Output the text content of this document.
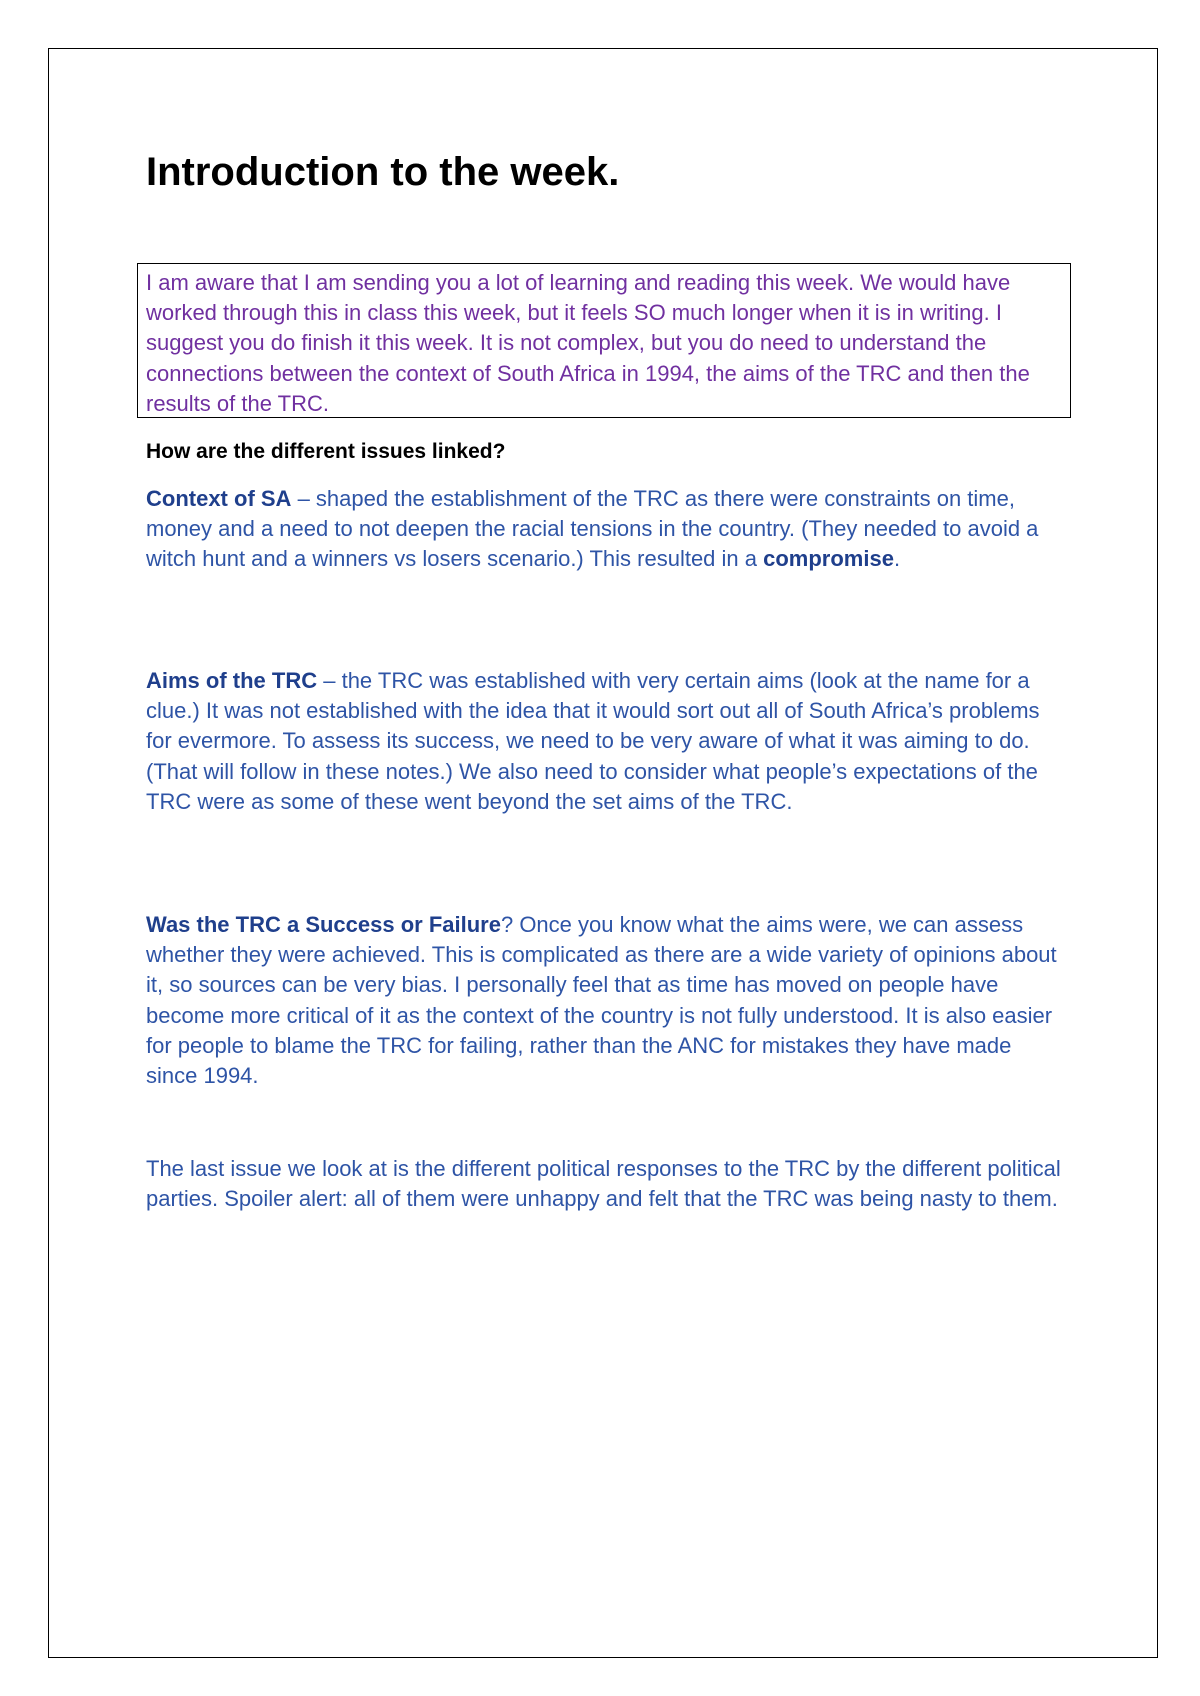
Introduction to the week.

I am aware that I am sending you a lot of learning and reading this week. We would have worked through this in class this week, but it feels SO much longer when it is in writing. I suggest you do finish it this week. It is not complex, but you do need to understand the connections between the context of South Africa in 1994, the aims of the TRC and then the results of the TRC.

How are the different issues linked?

Context of SA – shaped the establishment of the TRC as there were constraints on time, money and a need to not deepen the racial tensions in the country. (They needed to avoid a witch hunt and a winners vs losers scenario.) This resulted in a compromise.

Aims of the TRC – the TRC was established with very certain aims (look at the name for a clue.) It was not established with the idea that it would sort out all of South Africa’s problems for evermore. To assess its success, we need to be very aware of what it was aiming to do. (That will follow in these notes.) We also need to consider what people’s expectations of the TRC were as some of these went beyond the set aims of the TRC.

Was the TRC a Success or Failure? Once you know what the aims were, we can assess whether they were achieved. This is complicated as there are a wide variety of opinions about it, so sources can be very bias. I personally feel that as time has moved on people have become more critical of it as the context of the country is not fully understood. It is also easier for people to blame the TRC for failing, rather than the ANC for mistakes they have made since 1994.

The last issue we look at is the different political responses to the TRC by the different political parties. Spoiler alert: all of them were unhappy and felt that the TRC was being nasty to them.
